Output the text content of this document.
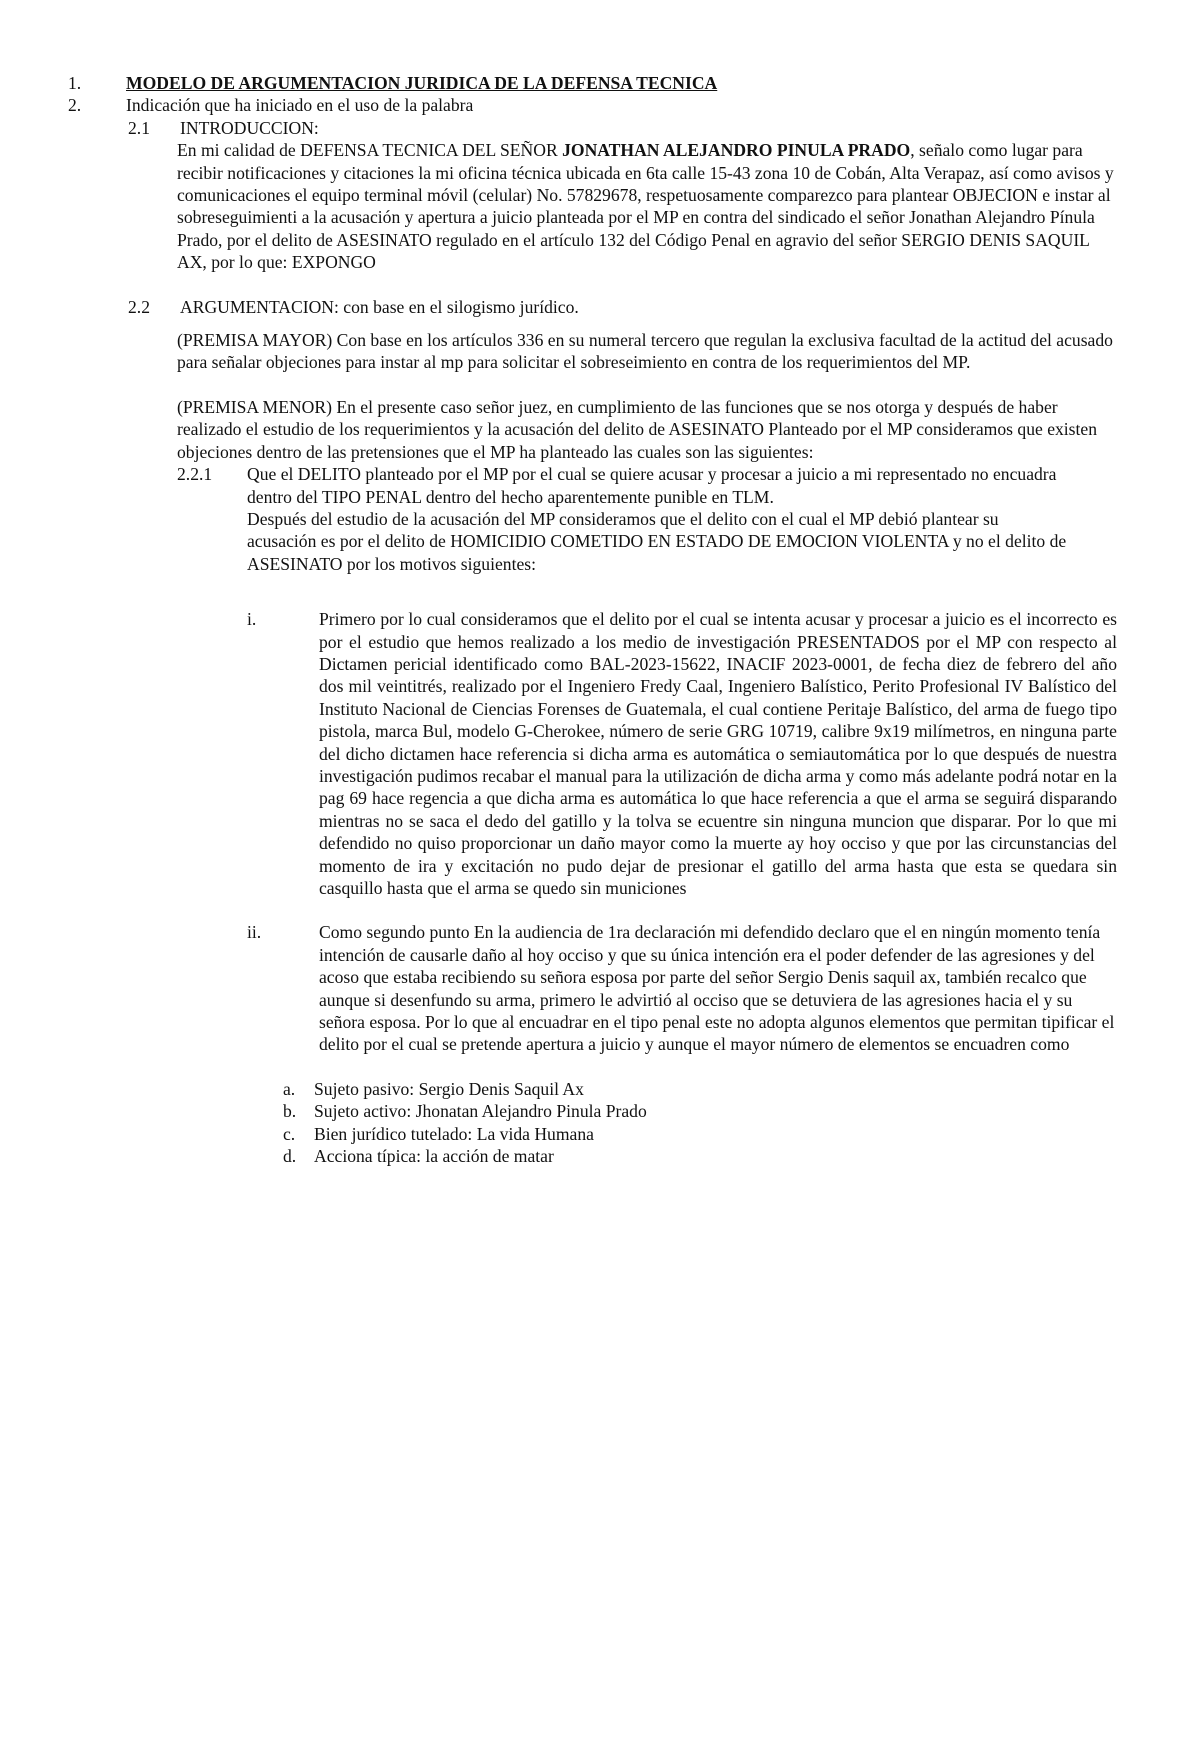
1.	MODELO DE ARGUMENTACION JURIDICA DE LA DEFENSA TECNICA
2.	Indicación que ha iniciado en el uso de la palabra
2.1	INTRODUCCION:

En mi calidad de DEFENSA TECNICA DEL SEÑOR JONATHAN ALEJANDRO PINULA PRADO, señalo como lugar para recibir notificaciones y citaciones la mi oficina técnica ubicada en 6ta calle 15-43 zona 10 de Cobán, Alta Verapaz, así como avisos y comunicaciones el equipo terminal móvil (celular) No. 57829678, respetuosamente comparezco para plantear OBJECION e instar al sobreseguimienti a la acusación y apertura a juicio planteada por el MP en contra del sindicado el señor Jonathan Alejandro Pínula Prado, por el delito de ASESINATO regulado en el artículo 132 del Código Penal en agravio del señor SERGIO DENIS SAQUIL AX, por lo que: EXPONGO

2.2	ARGUMENTACION: con base en el silogismo jurídico.

(PREMISA MAYOR) Con base en los artículos 336 en su numeral tercero que regulan la exclusiva facultad de la actitud del acusado para señalar objeciones para instar al mp para solicitar el sobreseimiento en contra de los requerimientos del MP.

(PREMISA MENOR) En el presente caso señor juez, en cumplimiento de las funciones que se nos otorga y después de haber realizado el estudio de los requerimientos y la acusación del delito de ASESINATO Planteado por el MP consideramos que existen objeciones dentro de las pretensiones que el MP ha planteado las cuales son las siguientes:

2.2.1	Que el DELITO planteado por el MP por el cual se quiere acusar y procesar a juicio a mi representado no encuadra dentro del TIPO PENAL dentro del hecho aparentemente punible en TLM.

Después del estudio de la acusación del MP consideramos que el delito con el cual el MP debió plantear su acusación es por el delito de HOMICIDIO COMETIDO EN ESTADO DE EMOCION VIOLENTA y no el delito de ASESINATO por los motivos siguientes:

i.	Primero por lo cual consideramos que el delito por el cual se intenta acusar y procesar a juicio es el incorrecto es por el estudio que hemos realizado a los medio de investigación PRESENTADOS por el MP con respecto al Dictamen pericial identificado como BAL-2023-15622, INACIF 2023-0001, de fecha diez de febrero del año dos mil veintitrés, realizado por el Ingeniero Fredy Caal, Ingeniero Balístico, Perito Profesional IV Balístico del Instituto Nacional de Ciencias Forenses de Guatemala, el cual contiene Peritaje Balístico, del arma de fuego tipo pistola, marca Bul, modelo G-Cherokee, número de serie GRG 10719, calibre 9x19 milímetros, en ninguna parte del dicho dictamen hace referencia si dicha arma es automática o semiautomática por lo que después de nuestra investigación pudimos recabar el manual para la utilización de dicha arma y como más adelante podrá notar en la pag 69 hace regencia a que dicha arma es automática lo que hace referencia a que el arma se seguirá disparando mientras no se saca el dedo del gatillo y la tolva se ecuentre sin ninguna muncion que disparar. Por lo que mi defendido no quiso proporcionar un daño mayor como la muerte ay hoy occiso y que por las circunstancias del momento de ira y excitación no pudo dejar de presionar el gatillo del arma hasta que esta se quedara sin casquillo hasta que el arma se quedo sin municiones

ii.	Como segundo punto En la audiencia de 1ra declaración mi defendido declaro que el en ningún momento tenía intención de causarle daño al hoy occiso y que su única intención era el poder defender de las agresiones y del acoso que estaba recibiendo su señora esposa por parte del señor Sergio Denis saquil ax, también recalco que aunque si desenfundo su arma, primero le advirtió al occiso que se detuviera de las agresiones hacia el y su señora esposa. Por lo que al encuadrar en el tipo penal este no adopta algunos elementos que permitan tipificar el delito por el cual se pretende apertura a juicio y aunque el mayor número de elementos se encuadren como

a.	Sujeto pasivo: Sergio Denis Saquil Ax
b.	Sujeto activo: Jhonatan Alejandro Pinula Prado
c.	Bien jurídico tutelado: La vida Humana
d.	Acciona típica: la acción de matar
